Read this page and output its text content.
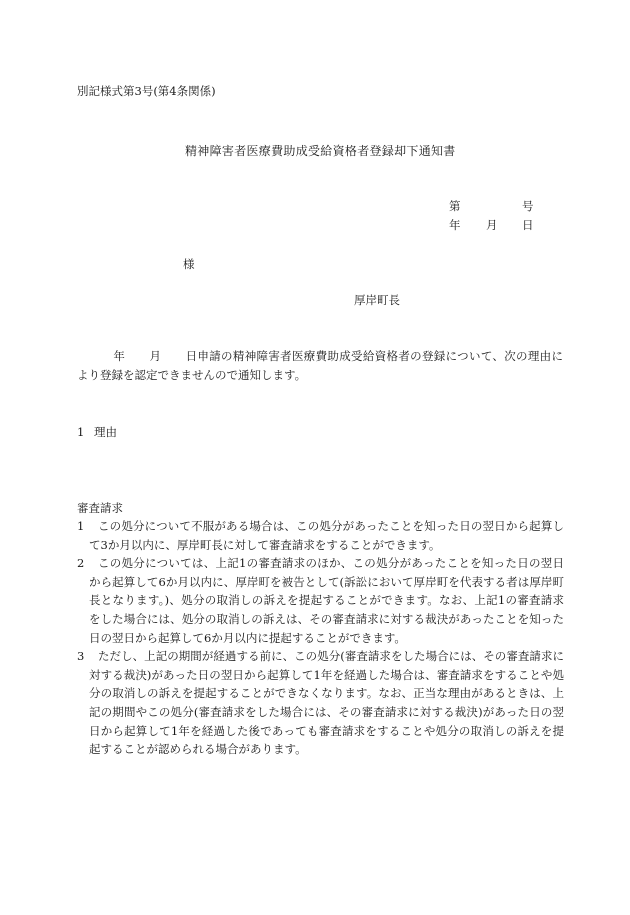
別記様式第3号(第4条関係)
精神障害者医療費助成受給資格者登録却下通知書
第	号
年 月 日
様
厚岸町長
年 月 日申請の精神障害者医療費助成受給資格者の登録について、次の理由により登録を認定できませんので通知します。
1 理由
審査請求
1	この処分について不服がある場合は、この処分があったことを知った日の翌日から起算して3か月以内に、厚岸町長に対して審査請求をすることができます。
2	この処分については、上記1の審査請求のほか、この処分があったことを知った日の翌日から起算して6か月以内に、厚岸町を被告として(訴訟において厚岸町を代表する者は厚岸町長となります。)、処分の取消しの訴えを提起することができます。なお、上記1の審査請求をした場合には、処分の取消しの訴えは、その審査請求に対する裁決があったことを知った日の翌日から起算して6か月以内に提起することができます。
3	ただし、上記の期間が経過する前に、この処分(審査請求をした場合には、その審査請求に対する裁決)があった日の翌日から起算して1年を経過した場合は、審査請求をすることや処分の取消しの訴えを提起することができなくなります。なお、正当な理由があるときは、上記の期間やこの処分(審査請求をした場合には、その審査請求に対する裁決)があった日の翌日から起算して1年を経過した後であっても審査請求をすることや処分の取消しの訴えを提起することが認められる場合があります。
